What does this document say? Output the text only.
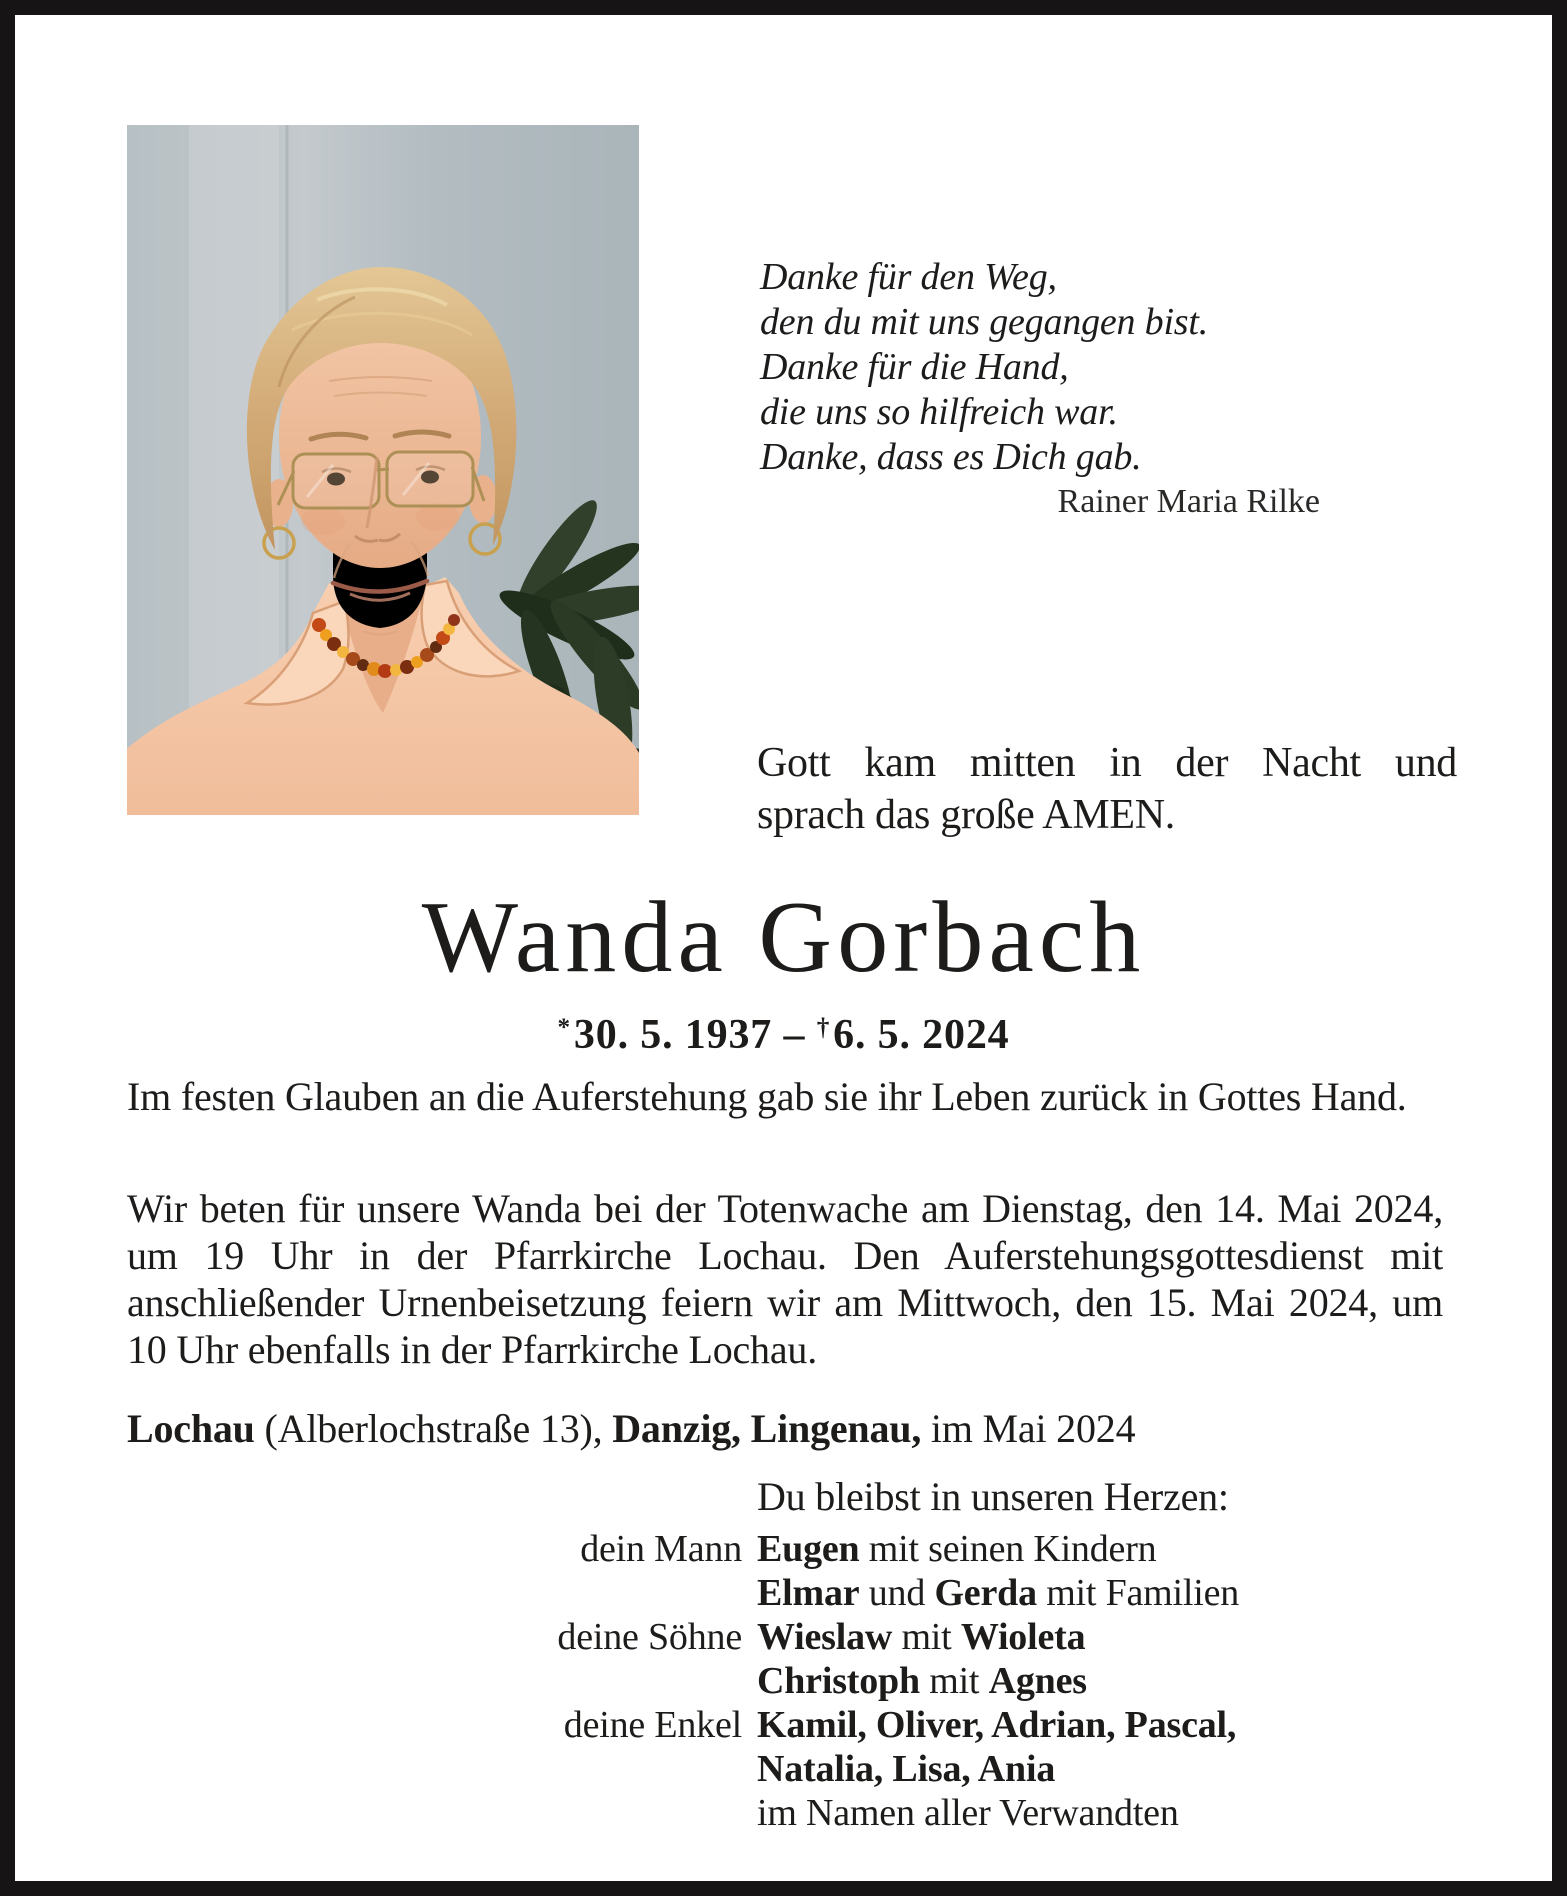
Danke für den Weg,
den du mit uns gegangen bist.
Danke für die Hand,
die uns so hilfreich war.
Danke, dass es Dich gab.
Rainer Maria Rilke
Gott kam mitten in der Nacht und
sprach das große AMEN.
Wanda Gorbach
*30. 5. 1937 – †6. 5. 2024
Im festen Glauben an die Auferstehung gab sie ihr Leben zurück in Gottes Hand.
Wir beten für unsere Wanda bei der Totenwache am Dienstag, den 14. Mai 2024, um 19 Uhr in der Pfarrkirche Lochau. Den Auferstehungsgottesdienst mit anschließender Urnenbeisetzung feiern wir am Mittwoch, den 15. Mai 2024, um 10 Uhr ebenfalls in der Pfarrkirche Lochau.
Lochau (Alberlochstraße 13), Danzig, Lingenau, im Mai 2024
Du bleibst in unseren Herzen:
dein Mann Eugen mit seinen Kindern
Elmar und Gerda mit Familien
deine Söhne Wieslaw mit Wioleta
Christoph mit Agnes
deine Enkel Kamil, Oliver, Adrian, Pascal,
Natalia, Lisa, Ania
im Namen aller Verwandten
